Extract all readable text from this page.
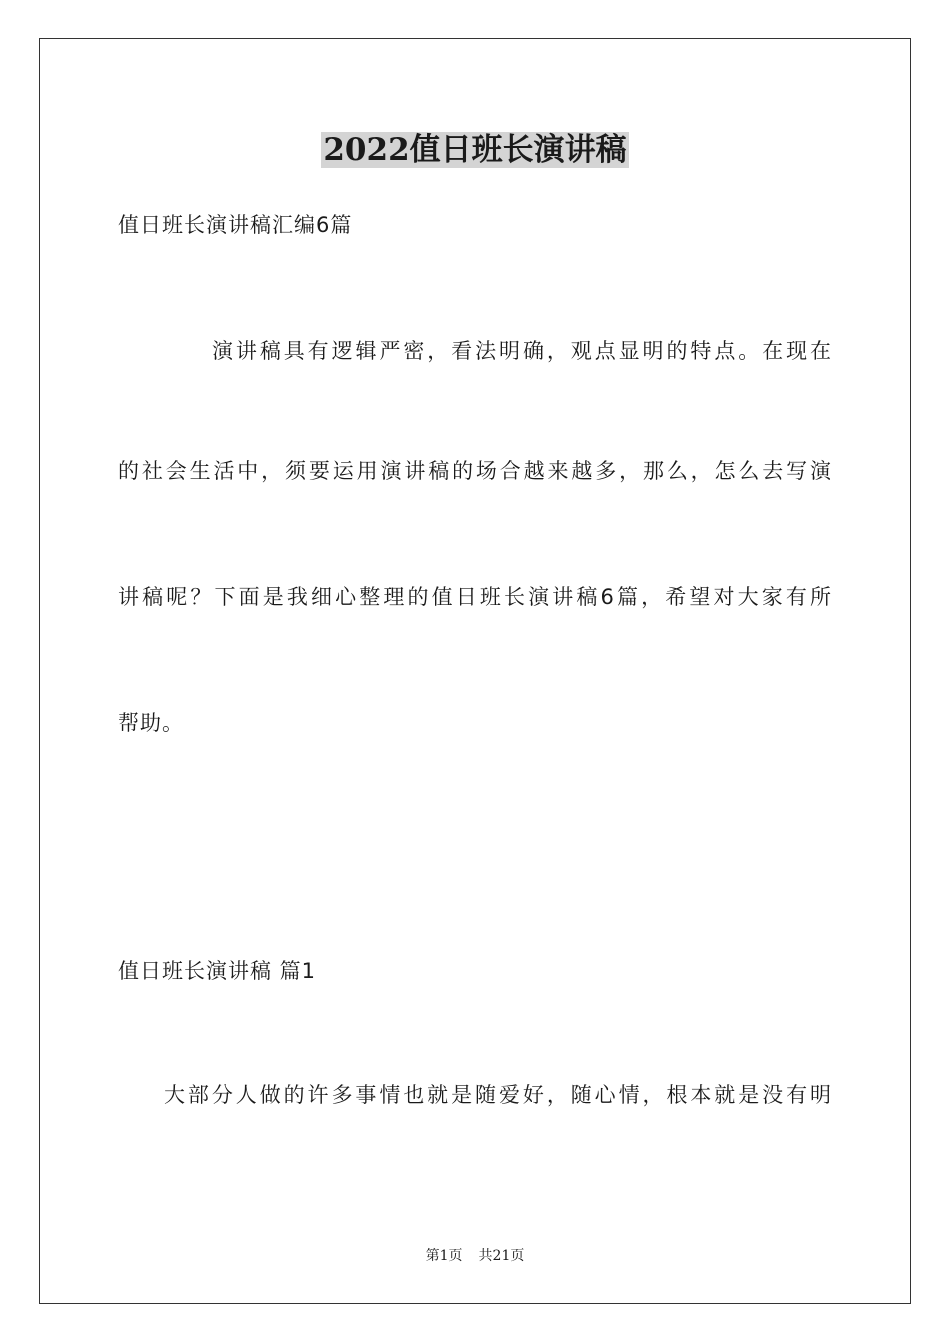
2022值日班长演讲稿
值日班长演讲稿汇编6篇
演讲稿具有逻辑严密，看法明确，观点显明的特点。在现在
的社会生活中，须要运用演讲稿的场合越来越多，那么，怎么去写演
讲稿呢？下面是我细心整理的值日班长演讲稿6篇，希望对大家有所
帮助。
值日班长演讲稿 篇1
大部分人做的许多事情也就是随爱好，随心情，根本就是没有明
第1页 共21页
